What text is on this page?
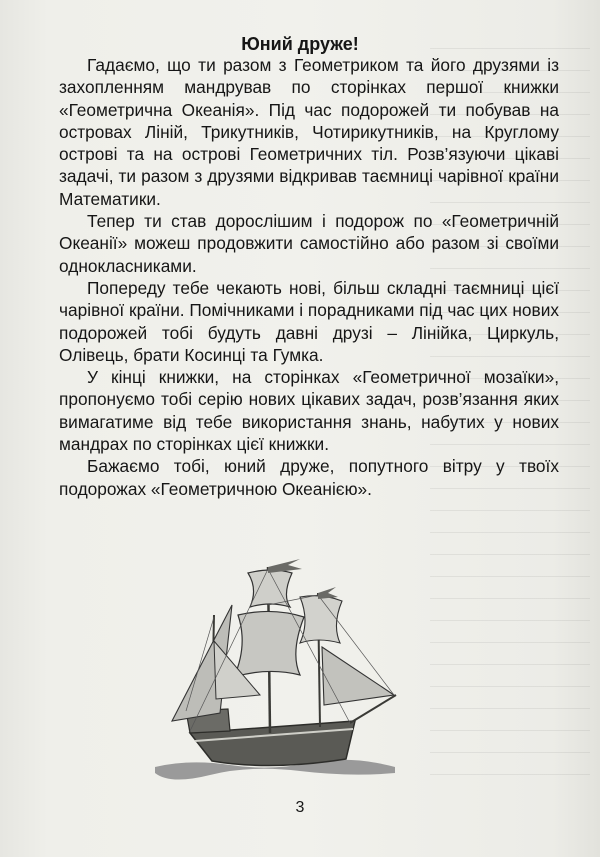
Юний друже!

Гадаємо, що ти разом з Геометриком та його друзями із захопленням мандрував по сторінках першої книжки «Геометрична Океанія». Під час подорожей ти побував на островах Ліній, Трикутників, Чотирикутників, на Круглому острові та на острові Геометричних тіл. Розв’язуючи цікаві задачі, ти разом з друзями відкривав таємниці чарівної країни Математики.

Тепер ти став дорослішим і подорож по «Геометричній Океанії» можеш продовжити самостійно або разом зі своїми однокласниками.

Попереду тебе чекають нові, більш складні таємниці цієї чарівної країни. Помічниками і порадниками під час цих нових подорожей тобі будуть давні друзі – Лінійка, Циркуль, Олівець, брати Косинці та Гумка.

У кінці книжки, на сторінках «Геометричної мозаїки», пропонуємо тобі серію нових цікавих задач, розв’язання яких вимагатиме від тебе використання знань, набутих у нових мандрах по сторінках цієї книжки.

Бажаємо тобі, юний друже, попутного вітру у твоїх подорожах «Геометричною Океанією».

3
